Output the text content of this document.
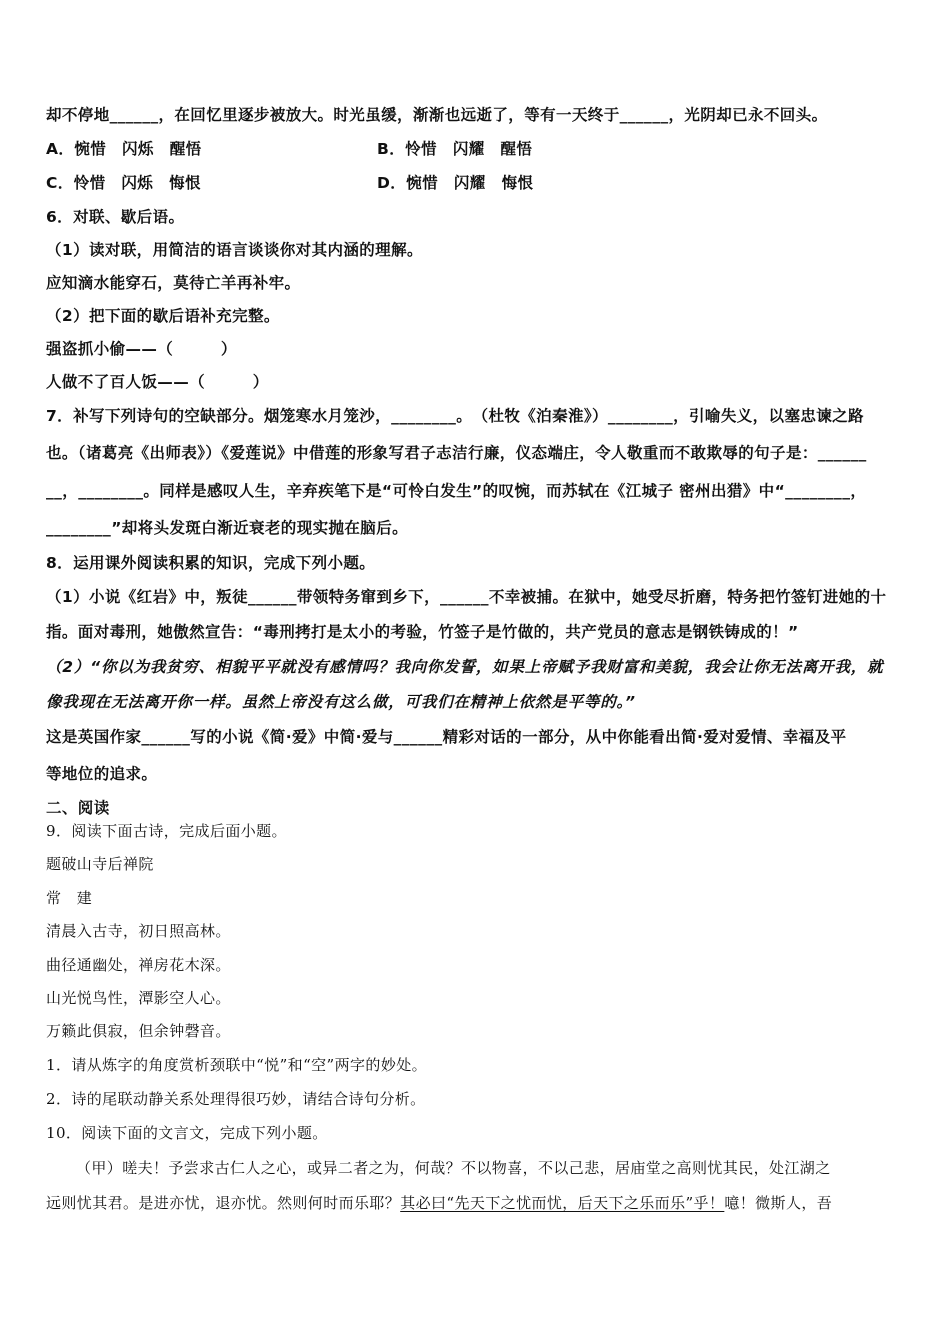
却不停地______，在回忆里逐步被放大。时光虽缓，渐渐也远逝了，等有一天终于______，光阴却已永不回头。
A．惋惜　闪烁　醒悟	B．怜惜　闪耀　醒悟
C．怜惜　闪烁　悔恨	D．惋惜　闪耀　悔恨
6．对联、歇后语。
（1）读对联，用简洁的语言谈谈你对其内涵的理解。
应知滴水能穿石，莫待亡羊再补牢。
（2）把下面的歇后语补充完整。
强盗抓小偷——（　　　）
人做不了百人饭——（　　　）
7．补写下列诗句的空缺部分。烟笼寒水月笼沙，________。　（杜牧《泊秦淮》）________，引喻失义，以塞忠谏之路
也。（诸葛亮《出师表》）《爱莲说》中借莲的形象写君子志洁行廉，仪态端庄，令人敬重而不敢欺辱的句子是：______
__，________。同样是感叹人生，辛弃疾笔下是“可怜白发生”的叹惋，而苏轼在《江城子 密州出猎》中“________，
________”却将头发斑白渐近衰老的现实抛在脑后。
8．运用课外阅读积累的知识，完成下列小题。
（1）小说《红岩》中，叛徒______带领特务窜到乡下，______不幸被捕。在狱中，她受尽折磨，特务把竹签钉进她的十
指。面对毒刑，她傲然宣告：“毒刑拷打是太小的考验，竹签子是竹做的，共产党员的意志是钢铁铸成的！”
（2）“你以为我贫穷、相貌平平就没有感情吗？我向你发誓，如果上帝赋予我财富和美貌，我会让你无法离开我，就
像我现在无法离开你一样。虽然上帝没有这么做，可我们在精神上依然是平等的。”
这是英国作家______写的小说《简·爱》中简·爱与______精彩对话的一部分，从中你能看出简·爱对爱情、幸福及平
等地位的追求。
二、阅读
9．阅读下面古诗，完成后面小题。
题破山寺后禅院
常　建
清晨入古寺，初日照高林。
曲径通幽处，禅房花木深。
山光悦鸟性，潭影空人心。
万籁此俱寂，但余钟磬音。
1．请从炼字的角度赏析颈联中“悦”和“空”两字的妙处。
2．诗的尾联动静关系处理得很巧妙，请结合诗句分析。
10．阅读下面的文言文，完成下列小题。
（甲）嗟夫！予尝求古仁人之心，或异二者之为，何哉？不以物喜，不以己悲，居庙堂之高则忧其民，处江湖之
远则忧其君。是进亦忧，退亦忧。然则何时而乐耶？其必曰“先天下之忧而忧，后天下之乐而乐”乎！噫！微斯人，吾
